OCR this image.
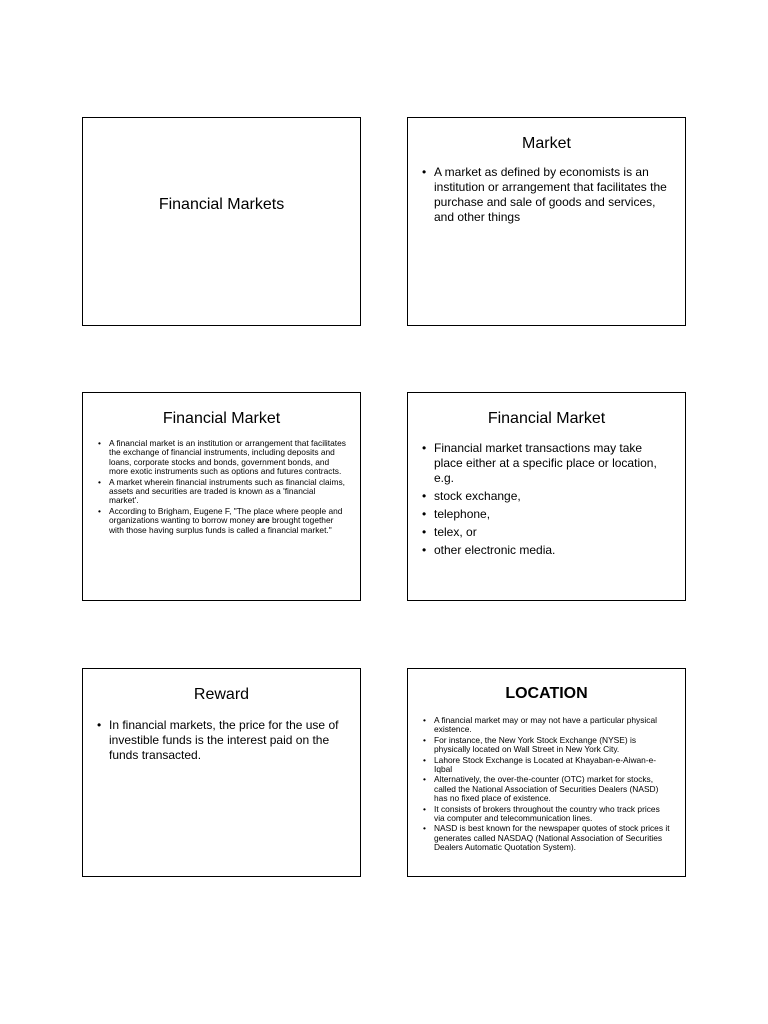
Financial Markets
Market
• A market as defined by economists is an institution or arrangement that facilitates the purchase and sale of goods and services, and other things
Financial Market
• A financial market is an institution or arrangement that facilitates the exchange of financial instruments, including deposits and loans, corporate stocks and bonds, government bonds, and more exotic instruments such as options and futures contracts.
• A market wherein financial instruments such as financial claims, assets and securities are traded is known as a 'financial market'.
• According to Brigham, Eugene F, "The place where people and organizations wanting to borrow money are brought together with those having surplus funds is called a financial market."
Financial Market
• Financial market transactions may take place either at a specific place or location, e.g.
• stock exchange,
• telephone,
• telex, or
• other electronic media.
Reward
• In financial markets, the price for the use of investible funds is the interest paid on the funds transacted.
LOCATION
• A financial market may or may not have a particular physical existence.
• For instance, the New York Stock Exchange (NYSE) is physically located on Wall Street in New York City.
• Lahore Stock Exchange is Located at Khayaban-e-Aiwan-e-Iqbal
• Alternatively, the over-the-counter (OTC) market for stocks, called the National Association of Securities Dealers (NASD) has no fixed place of existence.
• It consists of brokers throughout the country who track prices via computer and telecommunication lines.
• NASD is best known for the newspaper quotes of stock prices it generates called NASDAQ (National Association of Securities Dealers Automatic Quotation System).
